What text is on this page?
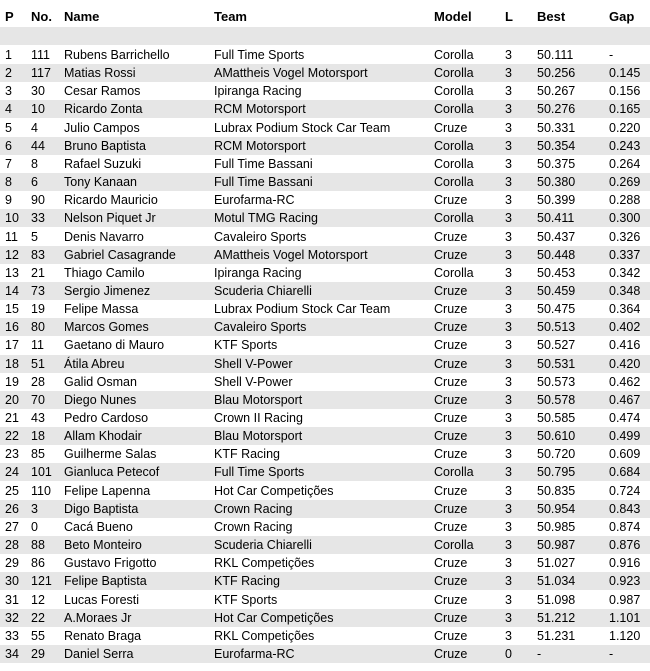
P No. Name	Team	Model	L Best	Gap
1 111 Rubens Barrichello	Full Time Sports	Corolla	3 50.111	-
2 117 Matias Rossi	AMattheis Vogel Motorsport	Corolla	3 50.256	0.145
3 30 Cesar Ramos	Ipiranga Racing	Corolla	3 50.267	0.156
4 10 Ricardo Zonta	RCM Motorsport	Corolla	3 50.276	0.165
5 4 Julio Campos	Lubrax Podium Stock Car Team	Cruze	3 50.331	0.220
6 44 Bruno Baptista	RCM Motorsport	Corolla	3 50.354	0.243
7 8 Rafael Suzuki	Full Time Bassani	Corolla	3 50.375	0.264
8 6 Tony Kanaan	Full Time Bassani	Corolla	3 50.380	0.269
9 90 Ricardo Mauricio	Eurofarma-RC	Cruze	3 50.399	0.288
10 33 Nelson Piquet Jr	Motul TMG Racing	Corolla	3 50.411	0.300
11 5 Denis Navarro	Cavaleiro Sports	Cruze	3 50.437	0.326
12 83 Gabriel Casagrande	AMattheis Vogel Motorsport	Cruze	3 50.448	0.337
13 21 Thiago Camilo	Ipiranga Racing	Corolla	3 50.453	0.342
14 73 Sergio Jimenez	Scuderia Chiarelli	Cruze	3 50.459	0.348
15 19 Felipe Massa	Lubrax Podium Stock Car Team	Cruze	3 50.475	0.364
16 80 Marcos Gomes	Cavaleiro Sports	Cruze	3 50.513	0.402
17 11 Gaetano di Mauro	KTF Sports	Cruze	3 50.527	0.416
18 51 Átila Abreu	Shell V-Power	Cruze	3 50.531	0.420
19 28 Galid Osman	Shell V-Power	Cruze	3 50.573	0.462
20 70 Diego Nunes	Blau Motorsport	Cruze	3 50.578	0.467
21 43 Pedro Cardoso	Crown II Racing	Cruze	3 50.585	0.474
22 18 Allam Khodair	Blau Motorsport	Cruze	3 50.610	0.499
23 85 Guilherme Salas	KTF Racing	Cruze	3 50.720	0.609
24 101 Gianluca Petecof	Full Time Sports	Corolla	3 50.795	0.684
25 110 Felipe Lapenna	Hot Car Competições	Cruze	3 50.835	0.724
26 3 Digo Baptista	Crown Racing	Cruze	3 50.954	0.843
27 0 Cacá Bueno	Crown Racing	Cruze	3 50.985	0.874
28 88 Beto Monteiro	Scuderia Chiarelli	Corolla	3 50.987	0.876
29 86 Gustavo Frigotto	RKL Competições	Cruze	3 51.027	0.916
30 121 Felipe Baptista	KTF Racing	Cruze	3 51.034	0.923
31 12 Lucas Foresti	KTF Sports	Cruze	3 51.098	0.987
32 22 A.Moraes Jr	Hot Car Competições	Cruze	3 51.212	1.101
33 55 Renato Braga	RKL Competições	Cruze	3 51.231	1.120
34 29 Daniel Serra	Eurofarma-RC	Cruze	0 -	-
